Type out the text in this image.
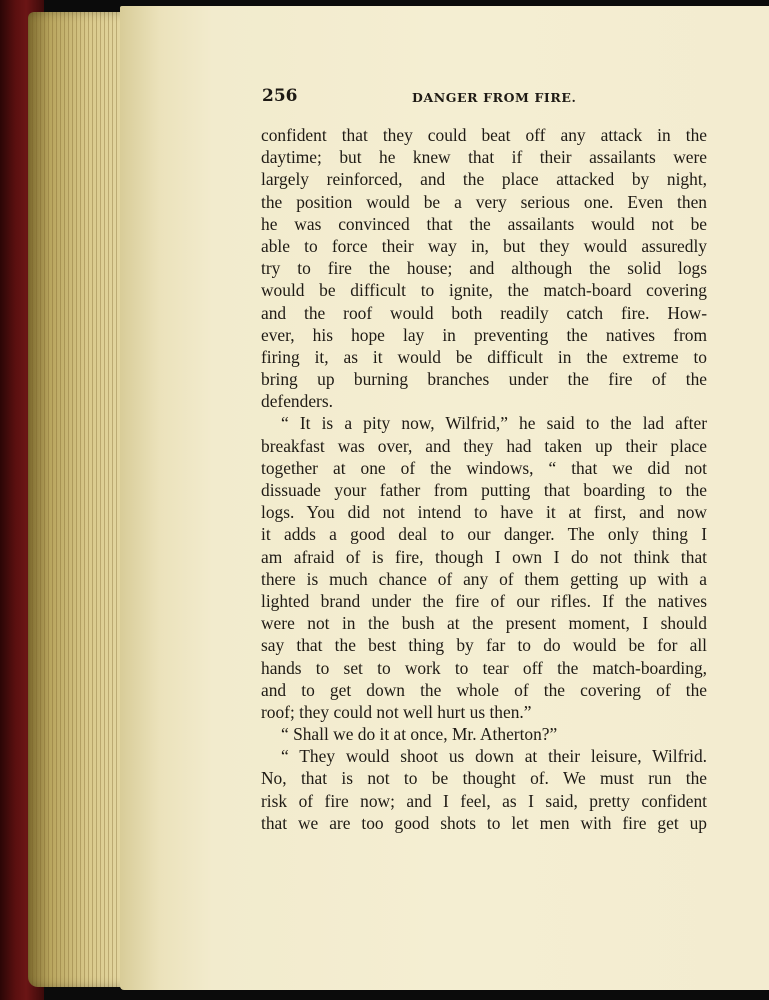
256	DANGER FROM FIRE.
confident that they could beat off any attack in the
daytime; but he knew that if their assailants were
largely reinforced, and the place attacked by night,
the position would be a very serious one. Even then
he was convinced that the assailants would not be
able to force their way in, but they would assuredly
try to fire the house; and although the solid logs
would be difficult to ignite, the match-board covering
and the roof would both readily catch fire. How-
ever, his hope lay in preventing the natives from
firing it, as it would be difficult in the extreme to
bring up burning branches under the fire of the
defenders.
“ It is a pity now, Wilfrid,” he said to the lad after
breakfast was over, and they had taken up their place
together at one of the windows, “ that we did not
dissuade your father from putting that boarding to the
logs. You did not intend to have it at first, and now
it adds a good deal to our danger. The only thing I
am afraid of is fire, though I own I do not think that
there is much chance of any of them getting up with a
lighted brand under the fire of our rifles. If the natives
were not in the bush at the present moment, I should
say that the best thing by far to do would be for all
hands to set to work to tear off the match-boarding,
and to get down the whole of the covering of the
roof; they could not well hurt us then.”
“ Shall we do it at once, Mr. Atherton?”
“ They would shoot us down at their leisure, Wilfrid.
No, that is not to be thought of. We must run the
risk of fire now; and I feel, as I said, pretty confident
that we are too good shots to let men with fire get up
